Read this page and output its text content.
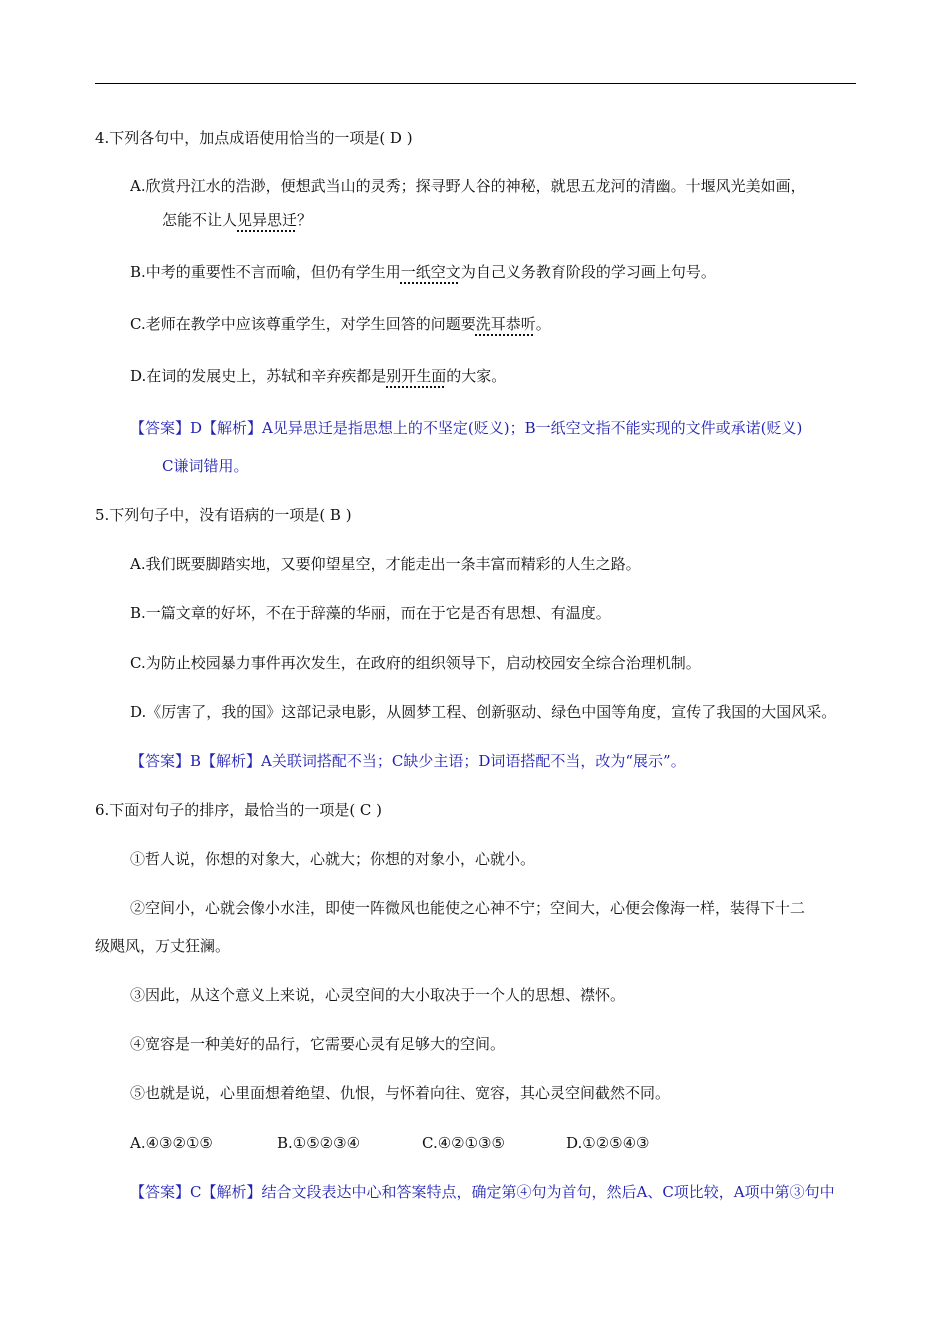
4.下列各句中，加点成语使用恰当的一项是( D )
A.欣赏丹江水的浩渺，便想武当山的灵秀；探寻野人谷的神秘，就思五龙河的清幽。十堰风光美如画，
怎能不让人见异思迁？
B.中考的重要性不言而喻，但仍有学生用一纸空文为自己义务教育阶段的学习画上句号。
C.老师在教学中应该尊重学生，对学生回答的问题要洗耳恭听。
D.在词的发展史上，苏轼和辛弃疾都是别开生面的大家。
【答案】D【解析】A见异思迁是指思想上的不坚定(贬义)；B一纸空文指不能实现的文件或承诺(贬义)
C谦词错用。
5.下列句子中，没有语病的一项是( B )
A.我们既要脚踏实地，又要仰望星空，才能走出一条丰富而精彩的人生之路。
B.一篇文章的好坏，不在于辞藻的华丽，而在于它是否有思想、有温度。
C.为防止校园暴力事件再次发生，在政府的组织领导下，启动校园安全综合治理机制。
D.《厉害了，我的国》这部记录电影，从圆梦工程、创新驱动、绿色中国等角度，宣传了我国的大国风采。
【答案】B【解析】A关联词搭配不当；C缺少主语；D词语搭配不当，改为“展示”。
6.下面对句子的排序，最恰当的一项是( C )
①哲人说，你想的对象大，心就大；你想的对象小，心就小。
②空间小，心就会像小水洼，即使一阵微风也能使之心神不宁；空间大，心便会像海一样，装得下十二
级飓风，万丈狂澜。
③因此，从这个意义上来说，心灵空间的大小取决于一个人的思想、襟怀。
④宽容是一种美好的品行，它需要心灵有足够大的空间。
⑤也就是说，心里面想着绝望、仇恨，与怀着向往、宽容，其心灵空间截然不同。
A.④③②①⑤	B.①⑤②③④	C.④②①③⑤	D.①②⑤④③
【答案】C【解析】结合文段表达中心和答案特点，确定第④句为首句，然后A、C项比较，A项中第③句中
